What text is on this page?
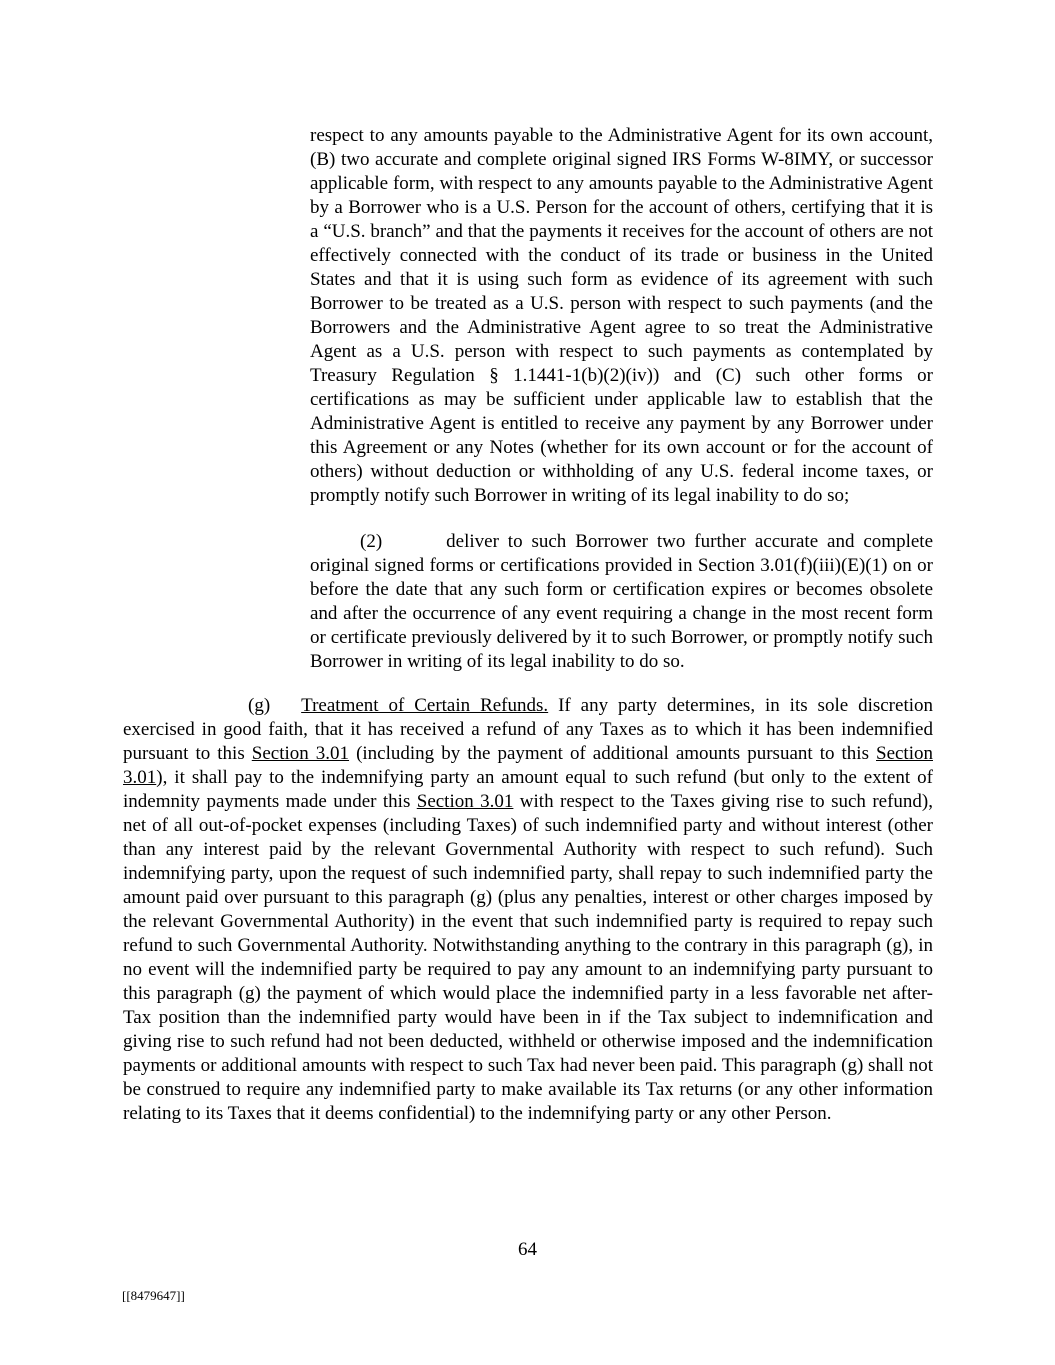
respect to any amounts payable to the Administrative Agent for its own account, (B) two accurate and complete original signed IRS Forms W-8IMY, or successor applicable form, with respect to any amounts payable to the Administrative Agent by a Borrower who is a U.S. Person for the account of others, certifying that it is a “U.S. branch” and that the payments it receives for the account of others are not effectively connected with the conduct of its trade or business in the United States and that it is using such form as evidence of its agreement with such Borrower to be treated as a U.S. person with respect to such payments (and the Borrowers and the Administrative Agent agree to so treat the Administrative Agent as a U.S. person with respect to such payments as contemplated by Treasury Regulation § 1.1441-1(b)(2)(iv)) and (C) such other forms or certifications as may be sufficient under applicable law to establish that the Administrative Agent is entitled to receive any payment by any Borrower under this Agreement or any Notes (whether for its own account or for the account of others) without deduction or withholding of any U.S. federal income taxes, or promptly notify such Borrower in writing of its legal inability to do so;

(2)	deliver to such Borrower two further accurate and complete original signed forms or certifications provided in Section 3.01(f)(iii)(E)(1) on or before the date that any such form or certification expires or becomes obsolete and after the occurrence of any event requiring a change in the most recent form or certificate previously delivered by it to such Borrower, or promptly notify such Borrower in writing of its legal inability to do so.

(g) Treatment of Certain Refunds. If any party determines, in its sole discretion exercised in good faith, that it has received a refund of any Taxes as to which it has been indemnified pursuant to this Section 3.01 (including by the payment of additional amounts pursuant to this Section 3.01), it shall pay to the indemnifying party an amount equal to such refund (but only to the extent of indemnity payments made under this Section 3.01 with respect to the Taxes giving rise to such refund), net of all out-of-pocket expenses (including Taxes) of such indemnified party and without interest (other than any interest paid by the relevant Governmental Authority with respect to such refund). Such indemnifying party, upon the request of such indemnified party, shall repay to such indemnified party the amount paid over pursuant to this paragraph (g) (plus any penalties, interest or other charges imposed by the relevant Governmental Authority) in the event that such indemnified party is required to repay such refund to such Governmental Authority. Notwithstanding anything to the contrary in this paragraph (g), in no event will the indemnified party be required to pay any amount to an indemnifying party pursuant to this paragraph (g) the payment of which would place the indemnified party in a less favorable net after-Tax position than the indemnified party would have been in if the Tax subject to indemnification and giving rise to such refund had not been deducted, withheld or otherwise imposed and the indemnification payments or additional amounts with respect to such Tax had never been paid. This paragraph (g) shall not be construed to require any indemnified party to make available its Tax returns (or any other information relating to its Taxes that it deems confidential) to the indemnifying party or any other Person.

64
[[8479647]]
